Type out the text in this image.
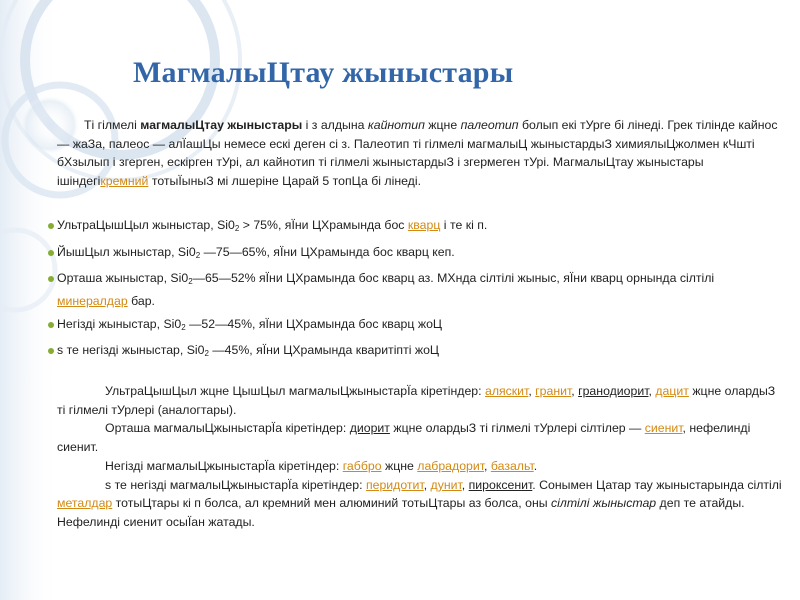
МагмалыЦтау жыныстары

Ті гілмелі магмалыЦтау жыныстары і з алдына кайнотип жцне палеотип болып екі тУрге бі лінеді. Грек тілінде кайнос — жаЗа, палеос — алЇашЦы немесе ескі деген сі з. Палеотип ті гілмелі магмалыЦ жыныстардыЗ химиялыЦжолмен кЧшті бХзылып і згерген, ескірген тУрі, ал кайнотип ті гілмелі жыныстардыЗ і згермеген тУрі. МагмалыЦтау жыныстары ішіндегікремний тотыЇыныЗ мі лшеріне Царай 5 топЦа бі лінеді.

УльтраЦышЦыл жыныстар, $Si0_2 > 75\%$, яЇни ЦХрамында бос кварц і те кі п.
ЙышЦыл жыныстар, $Si0_2$ —75—65%, яЇни ЦХрамында бос кварц кеп.
Орташа жыныстар, $Si0_2—65—52\%$ яЇни ЦХрамында бос кварц аз. МХнда сілтілі жыныс, яЇни кварц орнында сілтілі минералдар бар.
Негізді жыныстар, $Si0_2$ —52—45%, яЇни ЦХрамында бос кварц жоЦ
s те негізді жыныстар, $Si0_2$ —45%, яЇни ЦХрамында кваритіпті жоЦ

УльтраЦышЦыл жцне ЦышЦыл магмалыЦжыныстарЇа кіретіндер: аляскит, гранит, гранодиорит, дацит жцне олардыЗ ті гілмелі тУрлері (аналогтары).

Орташа магмалыЦжыныстарЇа кіретіндер: диорит жцне олардыЗ ті гілмелі тУрлері сілтілер — сиенит, нефелинді сиенит.

Негізді магмалыЦжыныстарЇа кіретіндер: габбро жцне лабрадорит, базальт.

s те негізді магмалыЦжыныстарЇа кіретіндер: перидотит, дунит, пироксенит. Сонымен Цатар тау жыныстарында сілтілі металдар тотыЦтары кі п болса, ал кремний мен алюминий тотыЦтары аз болса, оны сілтілі жыныстар деп те атайды. Нефелинді сиенит осыЇан жатады.
